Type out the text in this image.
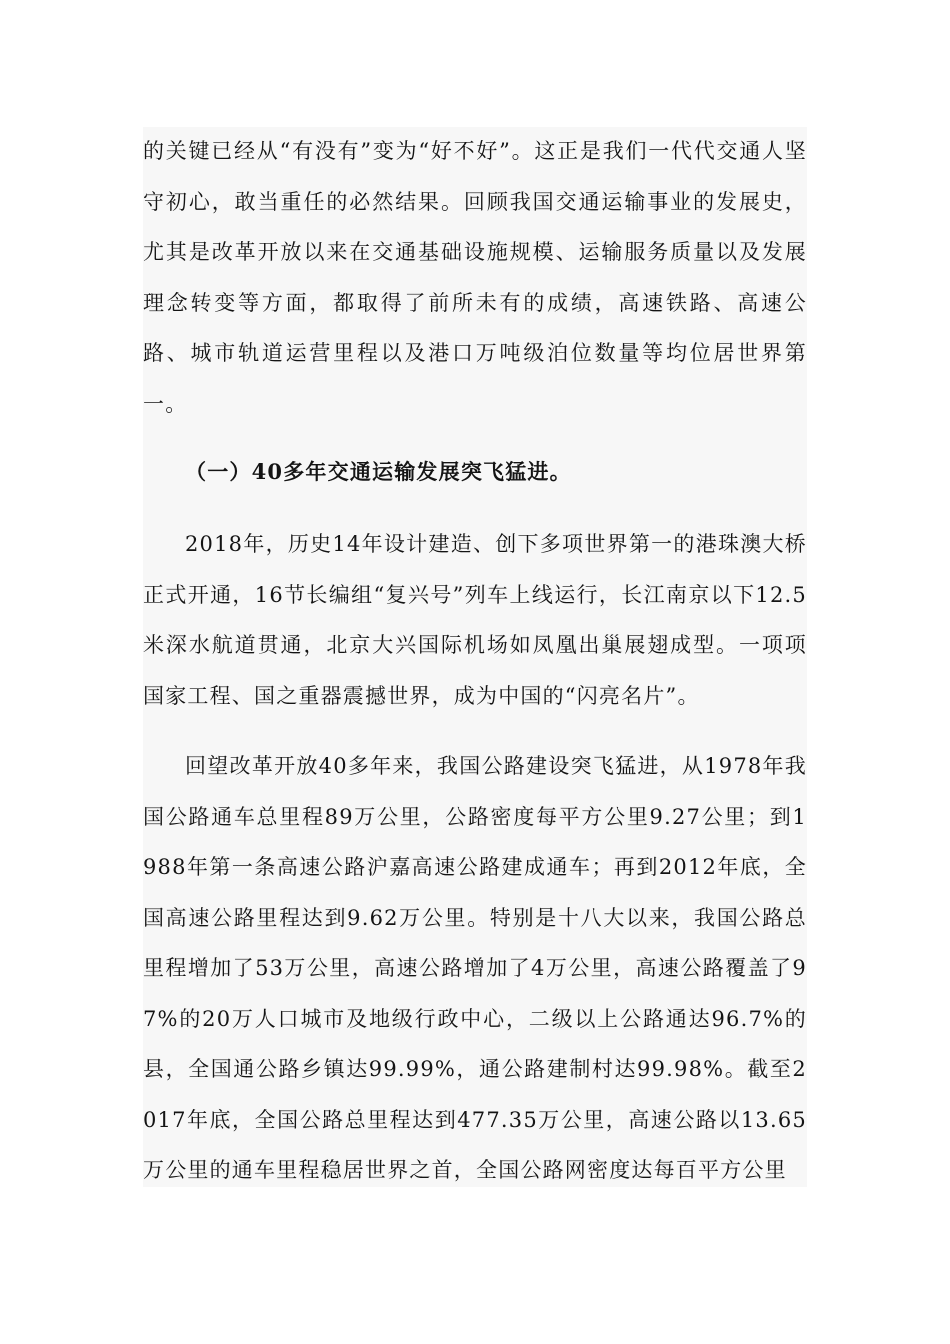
的关键已经从“有没有”变为“好不好”。这正是我们一代代交通人坚守初心，敢当重任的必然结果。回顾我国交通运输事业的发展史，尤其是改革开放以来在交通基础设施规模、运输服务质量以及发展理念转变等方面，都取得了前所未有的成绩，高速铁路、高速公路、城市轨道运营里程以及港口万吨级泊位数量等均位居世界第一。

（一）40多年交通运输发展突飞猛进。

2018年，历史14年设计建造、创下多项世界第一的港珠澳大桥正式开通，16节长编组“复兴号”列车上线运行，长江南京以下12.5米深水航道贯通，北京大兴国际机场如凤凰出巢展翅成型。一项项国家工程、国之重器震撼世界，成为中国的“闪亮名片”。

回望改革开放40多年来，我国公路建设突飞猛进，从1978年我国公路通车总里程89万公里，公路密度每平方公里9.27公里；到1988年第一条高速公路沪嘉高速公路建成通车；再到2012年底，全国高速公路里程达到9.62万公里。特别是十八大以来，我国公路总里程增加了53万公里，高速公路增加了4万公里，高速公路覆盖了97%的20万人口城市及地级行政中心，二级以上公路通达96.7%的县，全国通公路乡镇达99.99%，通公路建制村达99.98%。截至2017年底，全国公路总里程达到477.35万公里，高速公路以13.65万公里的通车里程稳居世界之首，全国公路网密度达每百平方公里
